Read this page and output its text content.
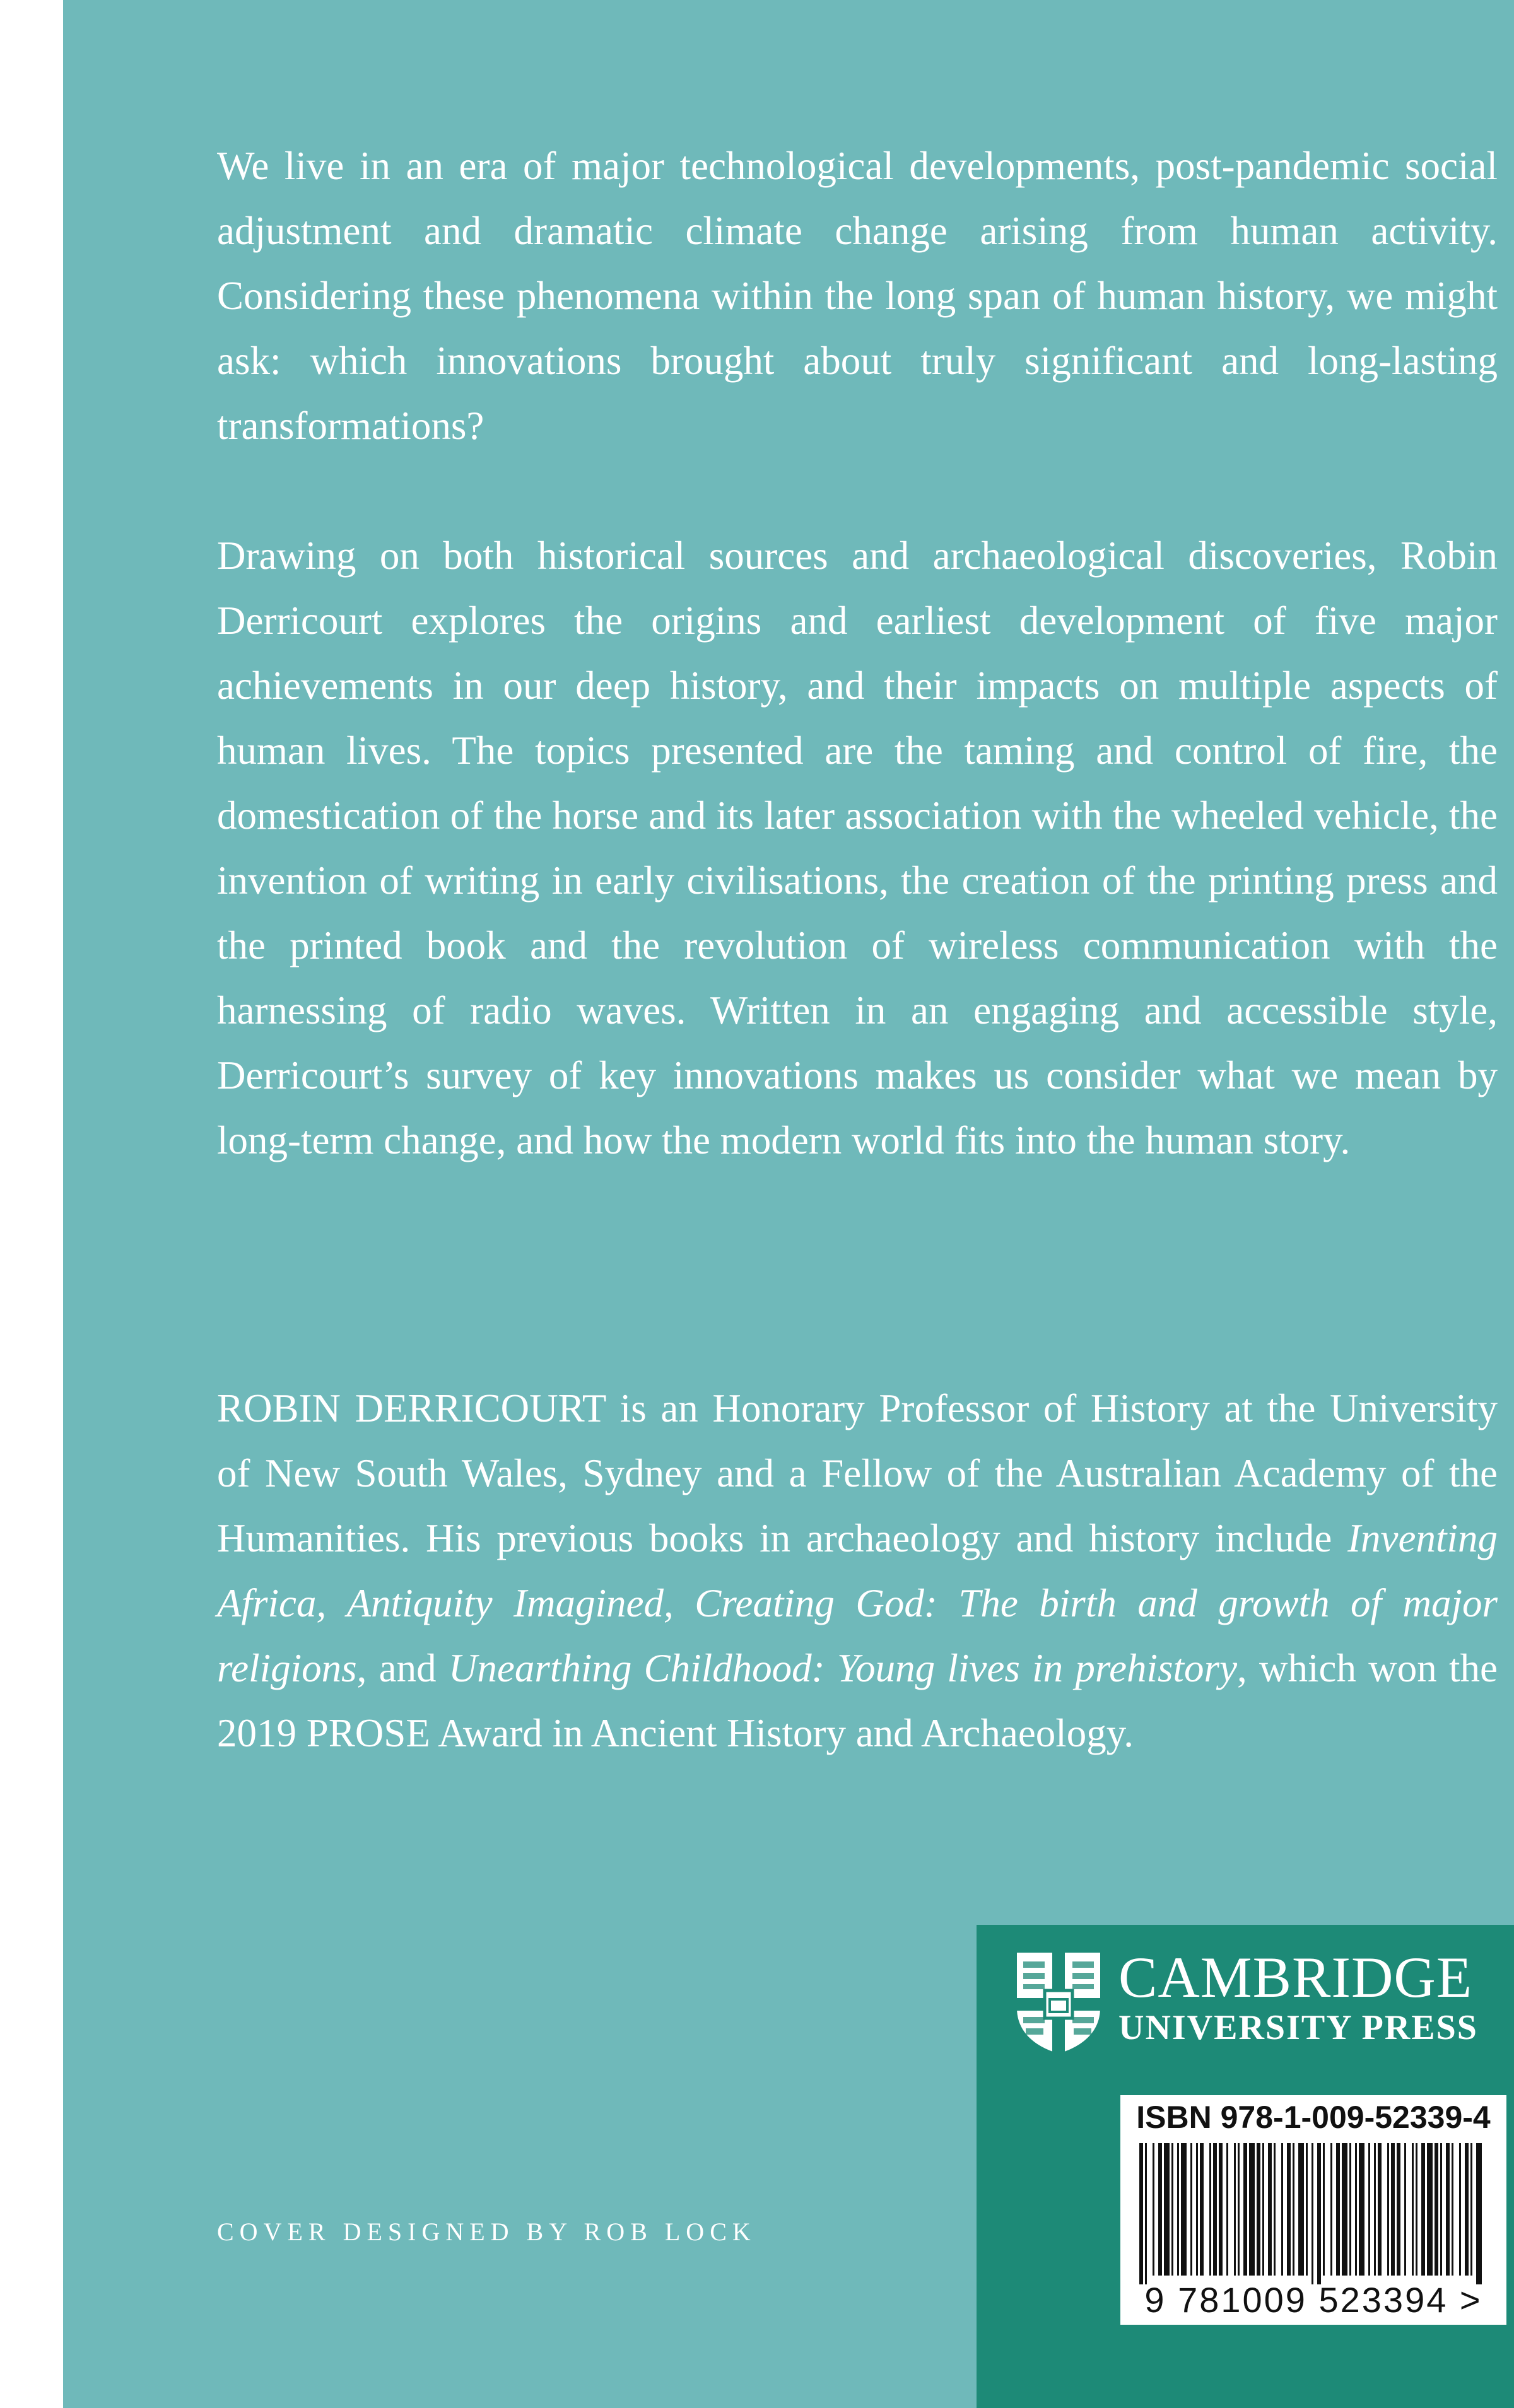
We live in an era of major technological developments, post-pandemic social adjustment and dramatic climate change arising from human activity. Considering these phenomena within the long span of human history, we might ask: which innovations brought about truly significant and long-lasting transformations?

Drawing on both historical sources and archaeological discoveries, Robin Derricourt explores the origins and earliest development of five major achievements in our deep history, and their impacts on multiple aspects of human lives. The topics presented are the taming and control of fire, the domestication of the horse and its later association with the wheeled vehicle, the invention of writing in early civilisations, the creation of the printing press and the printed book and the revolution of wireless communication with the harnessing of radio waves. Written in an engaging and accessible style, Derricourt’s survey of key innovations makes us consider what we mean by long-term change, and how the modern world fits into the human story.

ROBIN DERRICOURT is an Honorary Professor of History at the University of New South Wales, Sydney and a Fellow of the Australian Academy of the Humanities. His previous books in archaeology and history include Inventing Africa, Antiquity Imagined, Creating God: The birth and growth of major religions, and Unearthing Childhood: Young lives in prehistory, which won the 2019 PROSE Award in Ancient History and Archaeology.

COVER DESIGNED BY ROB LOCK

CAMBRIDGE
UNIVERSITY PRESS

ISBN 978-1-009-52339-4

9 781009 523394 >
